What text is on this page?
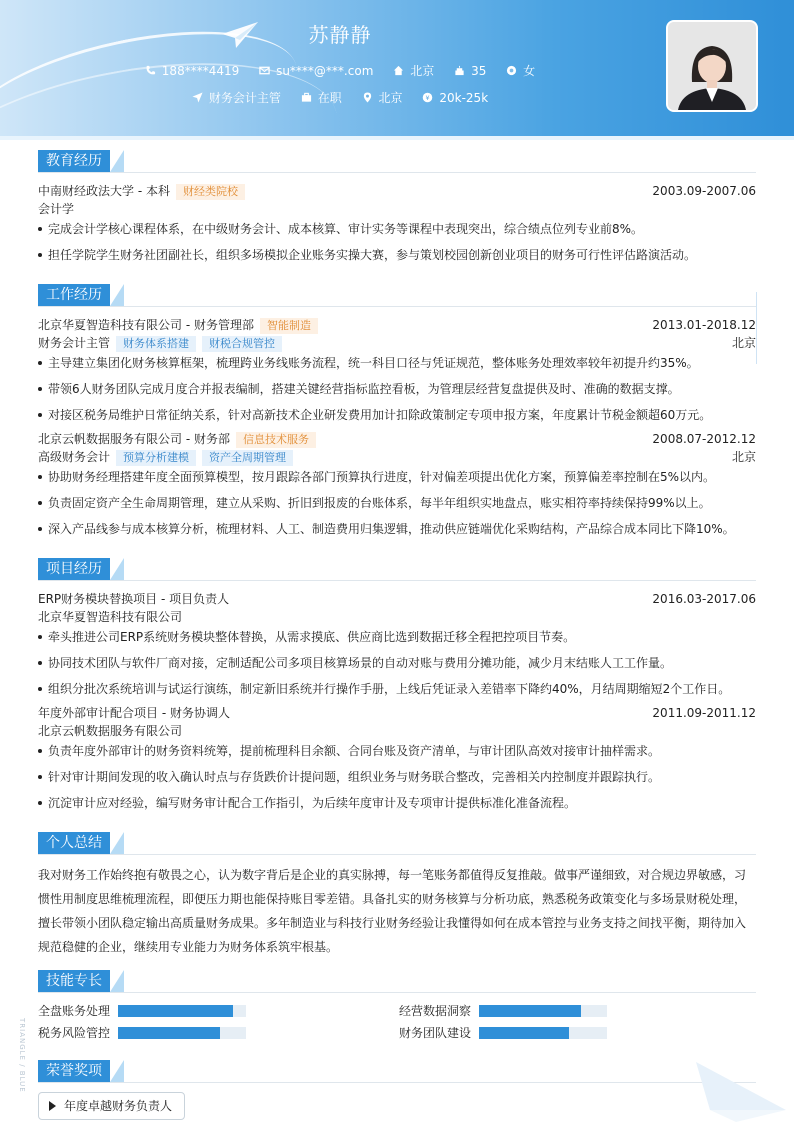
苏静静
188****4419
	su****@***.com
	北京
	35
	女
财务会计主管
	在职
	北京
	¥ 20k-25k
教育经历
中南财经政法大学 - 本科 财经类院校	2003.09-2007.06
会计学
完成会计学核心课程体系，在中级财务会计、成本核算、审计实务等课程中表现突出，综合绩点位列专业前8%。
担任学院学生财务社团副社长，组织多场模拟企业账务实操大赛，参与策划校园创新创业项目的财务可行性评估路演活动。
工作经历
北京华夏智造科技有限公司 - 财务管理部 智能制造	2013.01-2018.12
财务会计主管 财务体系搭建 财税合规管控	北京
主导建立集团化财务核算框架，梳理跨业务线账务流程，统一科目口径与凭证规范，整体账务处理效率较年初提升约35%。
带领6人财务团队完成月度合并报表编制，搭建关键经营指标监控看板，为管理层经营复盘提供及时、准确的数据支撑。
对接区税务局维护日常征纳关系，针对高新技术企业研发费用加计扣除政策制定专项申报方案，年度累计节税金额超60万元。
北京云帆数据服务有限公司 - 财务部 信息技术服务	2008.07-2012.12
高级财务会计 预算分析建模 资产全周期管理	北京
协助财务经理搭建年度全面预算模型，按月跟踪各部门预算执行进度，针对偏差项提出优化方案，预算偏差率控制在5%以内。
负责固定资产全生命周期管理，建立从采购、折旧到报废的台账体系，每半年组织实地盘点，账实相符率持续保持99%以上。
深入产品线参与成本核算分析，梳理材料、人工、制造费用归集逻辑，推动供应链端优化采购结构，产品综合成本同比下降10%。
项目经历
ERP财务模块替换项目 - 项目负责人	2016.03-2017.06
北京华夏智造科技有限公司
牵头推进公司ERP系统财务模块整体替换，从需求摸底、供应商比选到数据迁移全程把控项目节奏。
协同技术团队与软件厂商对接，定制适配公司多项目核算场景的自动对账与费用分摊功能，减少月末结账人工工作量。
组织分批次系统培训与试运行演练，制定新旧系统并行操作手册，上线后凭证录入差错率下降约40%，月结周期缩短2个工作日。
年度外部审计配合项目 - 财务协调人	2011.09-2011.12
北京云帆数据服务有限公司
负责年度外部审计的财务资料统筹，提前梳理科目余额、合同台账及资产清单，与审计团队高效对接审计抽样需求。
针对审计期间发现的收入确认时点与存货跌价计提问题，组织业务与财务联合整改，完善相关内控制度并跟踪执行。
沉淀审计应对经验，编写财务审计配合工作指引，为后续年度审计及专项审计提供标准化准备流程。
个人总结
我对财务工作始终抱有敬畏之心，认为数字背后是企业的真实脉搏，每一笔账务都值得反复推敲。做事严谨细致，对合规边界敏感，习惯性用制度思维梳理流程，即便压力期也能保持账目零差错。具备扎实的财务核算与分析功底，熟悉税务政策变化与多场景财税处理，擅长带领小团队稳定输出高质量财务成果。多年制造业与科技行业财务经验让我懂得如何在成本管控与业务支持之间找平衡，期待加入规范稳健的企业，继续用专业能力为财务体系筑牢根基。
技能专长
全盘账务处理	经营数据洞察
税务风险管控	财务团队建设
荣誉奖项
年度卓越财务负责人
TRIANGLE / BLUE
